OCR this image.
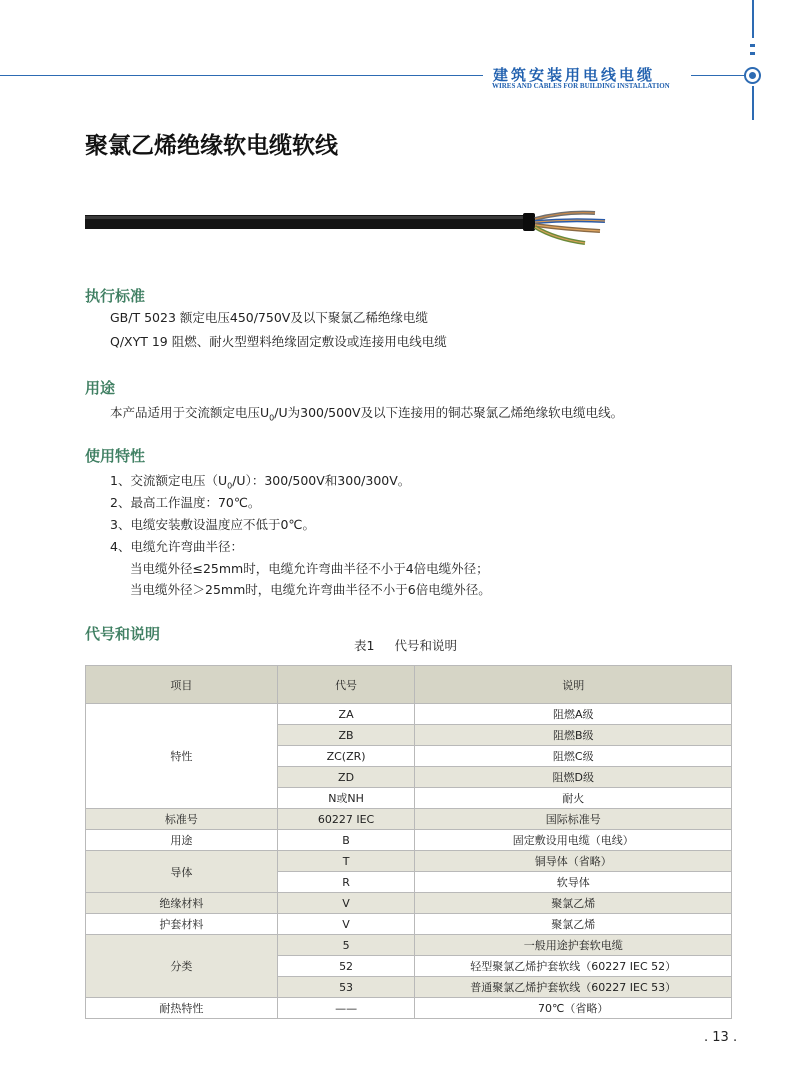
建筑安装用电线电缆
WIRES AND CABLES FOR BUILDING INSTALLATION
聚氯乙烯绝缘软电缆软线
执行标准
GB/T 5023 额定电压450/750V及以下聚氯乙稀绝缘电缆
Q/XYT 19 阻燃、耐火型塑料绝缘固定敷设或连接用电线电缆
用途
本产品适用于交流额定电压$U_0/U$为300/500V及以下连接用的铜芯聚氯乙烯绝缘软电缆电线。
使用特性
1、交流额定电压$(U_0/U)$：300/500V和300/300V。
2、最高工作温度：70℃。
3、电缆安装敷设温度应不低于0℃。
4、电缆允许弯曲半径：
当电缆外径≤25mm时，电缆允许弯曲半径不小于4倍电缆外径；
当电缆外径＞25mm时，电缆允许弯曲半径不小于6倍电缆外径。
代号和说明
表1 代号和说明
项目	代号	说明
特性	ZA	阻燃A级
	ZB	阻燃B级
	ZC(ZR)	阻燃C级
	ZD	阻燃D级
	N或NH	耐火
标准号	60227 IEC	国际标准号
用途	B	固定敷设用电缆（电线）
导体	T	铜导体（省略）
	R	软导体
绝缘材料	V	聚氯乙烯
护套材料	V	聚氯乙烯
分类	5	一般用途护套软电缆
	52	轻型聚氯乙烯护套软线（60227 IEC 52）
	53	普通聚氯乙烯护套软线（60227 IEC 53）
耐热特性	——	70℃（省略）
. 13 .
